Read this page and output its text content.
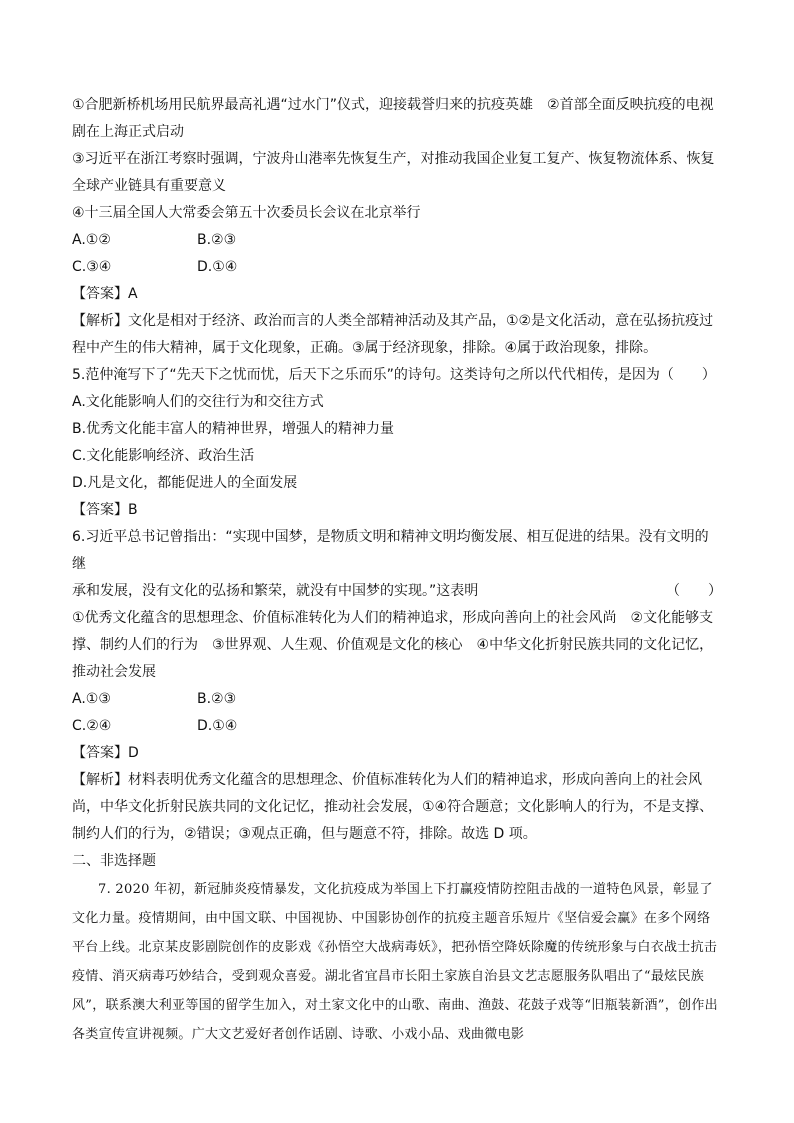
①合肥新桥机场用民航界最高礼遇“过水门”仪式，迎接载誉归来的抗疫英雄　②首部全面反映抗疫的电视剧在上海正式启动

③习近平在浙江考察时强调，宁波舟山港率先恢复生产，对推动我国企业复工复产、恢复物流体系、恢复全球产业链具有重要意义

④十三届全国人大常委会第五十次委员长会议在北京举行

A.①②	B.②③
C.③④	D.①④

【答案】A

【解析】文化是相对于经济、政治而言的人类全部精神活动及其产品，①②是文化活动，意在弘扬抗疫过程中产生的伟大精神，属于文化现象，正确。③属于经济现象，排除。④属于政治现象，排除。

5.范仲淹写下了“先天下之忧而忧，后天下之乐而乐”的诗句。这类诗句之所以代代相传，是因为（　　）

A.文化能影响人们的交往行为和交往方式

B.优秀文化能丰富人的精神世界，增强人的精神力量

C.文化能影响经济、政治生活

D.凡是文化，都能促进人的全面发展

【答案】B

6.习近平总书记曾指出：“实现中国梦，是物质文明和精神文明均衡发展、相互促进的结果。没有文明的继

承和发展，没有文化的弘扬和繁荣，就没有中国梦的实现。”这表明	（　　）

①优秀文化蕴含的思想理念、价值标准转化为人们的精神追求，形成向善向上的社会风尚　②文化能够支撑、制约人们的行为　③世界观、人生观、价值观是文化的核心　④中华文化折射民族共同的文化记忆，推动社会发展

A.①③	B.②③
C.②④	D.①④

【答案】D

【解析】材料表明优秀文化蕴含的思想理念、价值标准转化为人们的精神追求，形成向善向上的社会风尚，中华文化折射民族共同的文化记忆，推动社会发展，①④符合题意；文化影响人的行为，不是支撑、制约人们的行为，②错误；③观点正确，但与题意不符，排除。故选 D 项。

二、非选择题

7. 2020 年初，新冠肺炎疫情暴发，文化抗疫成为举国上下打赢疫情防控阻击战的一道特色风景，彰显了文化力量。疫情期间，由中国文联、中国视协、中国影协创作的抗疫主题音乐短片《坚信爱会赢》在多个网络平台上线。北京某皮影剧院创作的皮影戏《孙悟空大战病毒妖》，把孙悟空降妖除魔的传统形象与白衣战士抗击疫情、消灭病毒巧妙结合，受到观众喜爱。湖北省宜昌市长阳土家族自治县文艺志愿服务队唱出了“最炫民族风”，联系澳大利亚等国的留学生加入，对土家文化中的山歌、南曲、渔鼓、花鼓子戏等“旧瓶装新酒”，创作出各类宣传宣讲视频。广大文艺爱好者创作话剧、诗歌、小戏小品、戏曲微电影
